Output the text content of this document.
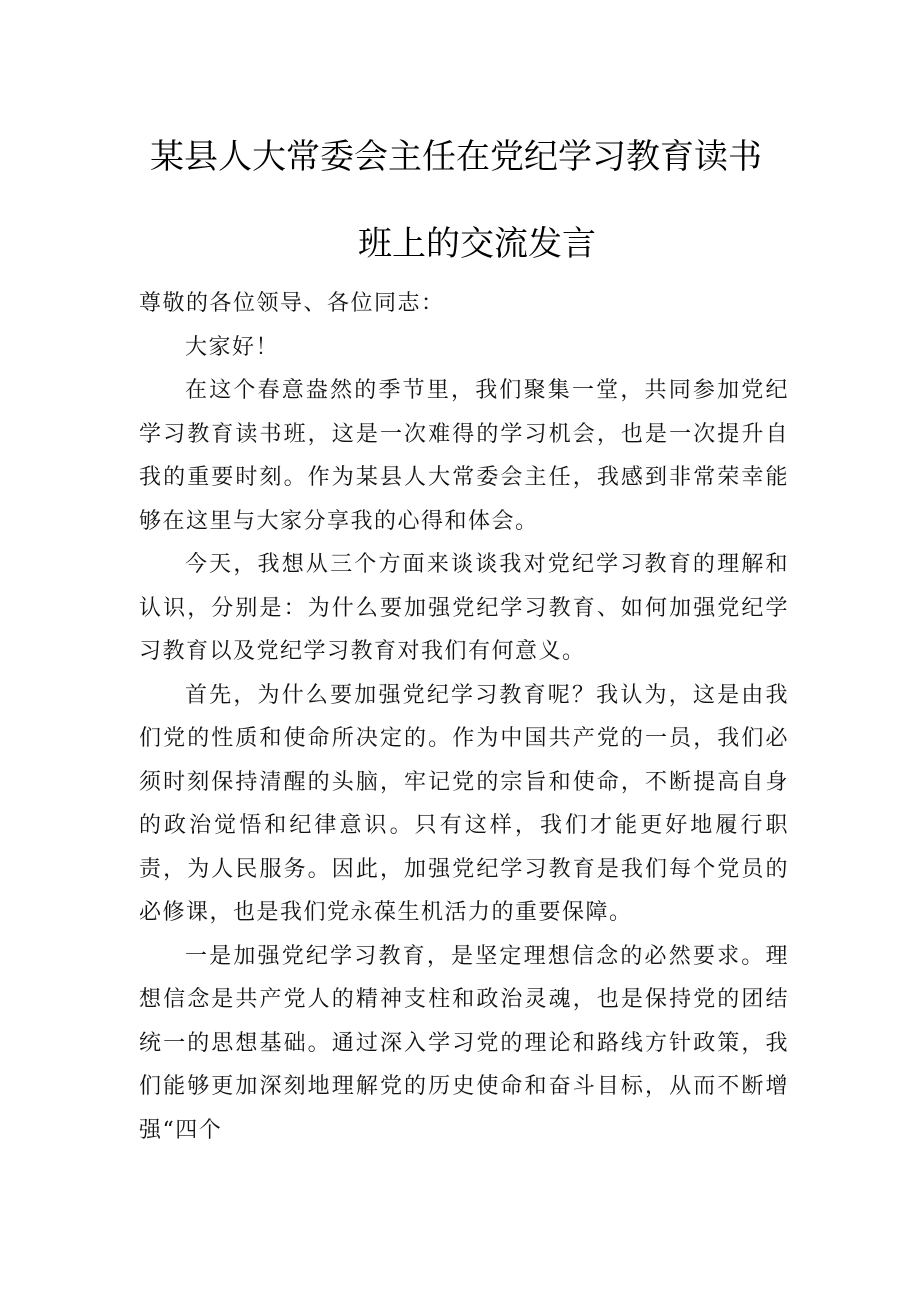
某县人大常委会主任在党纪学习教育读书
班上的交流发言

尊敬的各位领导、各位同志：

大家好！

在这个春意盎然的季节里，我们聚集一堂，共同参加党纪学习教育读书班，这是一次难得的学习机会，也是一次提升自我的重要时刻。作为某县人大常委会主任，我感到非常荣幸能够在这里与大家分享我的心得和体会。

今天，我想从三个方面来谈谈我对党纪学习教育的理解和认识，分别是：为什么要加强党纪学习教育、如何加强党纪学习教育以及党纪学习教育对我们有何意义。

首先，为什么要加强党纪学习教育呢？我认为，这是由我们党的性质和使命所决定的。作为中国共产党的一员，我们必须时刻保持清醒的头脑，牢记党的宗旨和使命，不断提高自身的政治觉悟和纪律意识。只有这样，我们才能更好地履行职责，为人民服务。因此，加强党纪学习教育是我们每个党员的必修课，也是我们党永葆生机活力的重要保障。

一是加强党纪学习教育，是坚定理想信念的必然要求。理想信念是共产党人的精神支柱和政治灵魂，也是保持党的团结统一的思想基础。通过深入学习党的理论和路线方针政策，我们能够更加深刻地理解党的历史使命和奋斗目标，从而不断增强“四个
